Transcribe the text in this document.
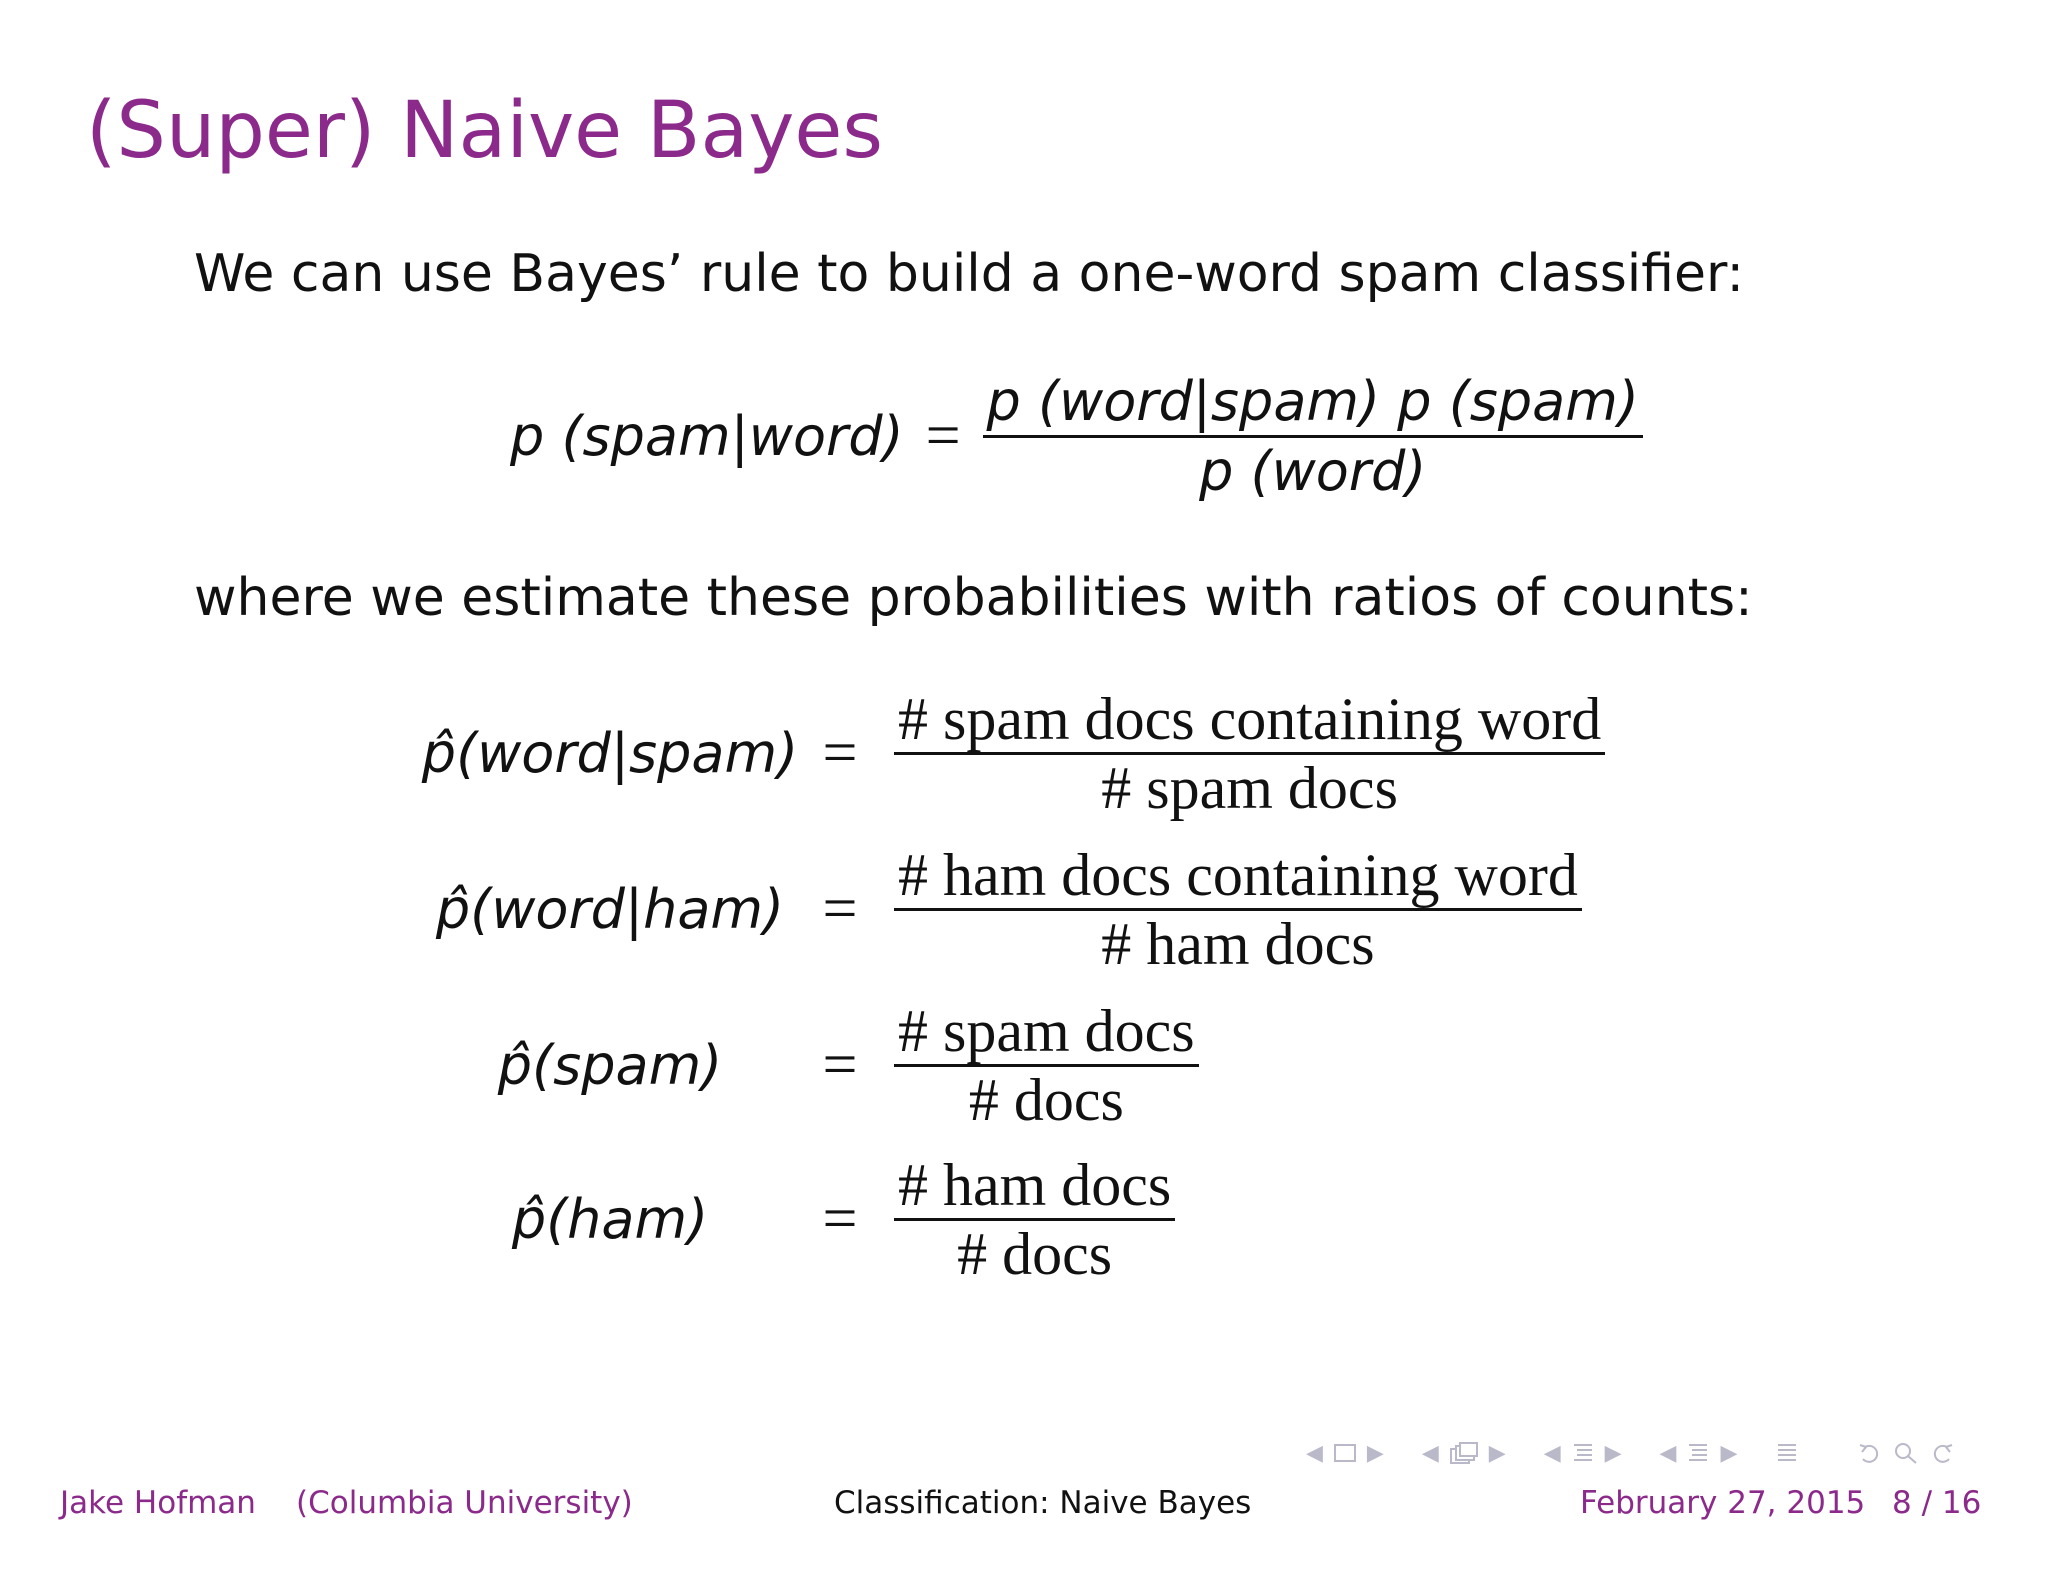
(Super) Naive Bayes
We can use Bayes’ rule to build a one-word spam classifier:
p (spam|word) = $\frac{\text{p (word|spam) p (spam)}}{\text{p (word)}}$
where we estimate these probabilities with ratios of counts:
p̂(word|spam) = $\frac{\text{\# spam docs containing word}}{\text{\# spam docs}}$
p̂(word|ham) = $\frac{\text{\# ham docs containing word}}{\text{\# ham docs}}$
p̂(spam)	= $\frac{\text{\# spam docs}}{\text{\# docs}}$
p̂(ham)	= $\frac{\text{\# ham docs}}{\text{\# docs}}$
◀ ▶ ◀ ▶ ◀ ▶ ◀ ▶
Jake Hofman (Columbia University)	Classification: Naive Bayes	February 27, 2015 8 / 16
